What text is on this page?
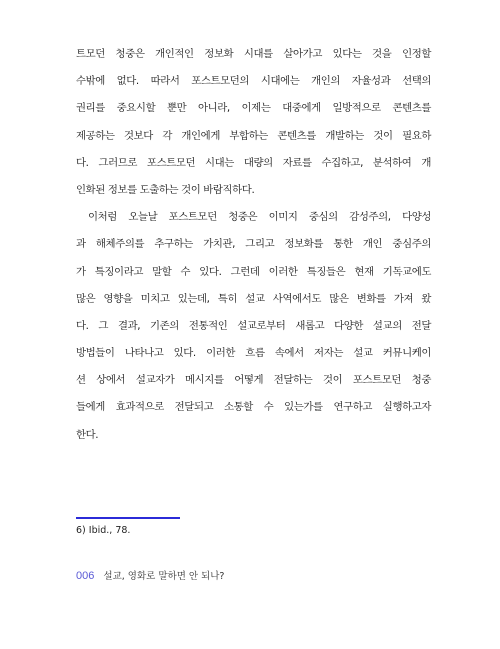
트모던 청중은 개인적인 정보화 시대를 살아가고 있다는 것을 인정할
수밖에 없다. 따라서 포스트모던의 시대에는 개인의 자율성과 선택의
권리를 중요시할 뿐만 아니라, 이제는 대중에게 일방적으로 콘텐츠를
제공하는 것보다 각 개인에게 부합하는 콘텐츠를 개발하는 것이 필요하
다. 그러므로 포스트모던 시대는 대량의 자료를 수집하고, 분석하여 개
인화된 정보를 도출하는 것이 바람직하다.
이처럼 오늘날 포스트모던 청중은 이미지 중심의 감성주의, 다양성
과 해체주의를 추구하는 가치관, 그리고 정보화를 통한 개인 중심주의
가 특징이라고 말할 수 있다. 그런데 이러한 특징들은 현재 기독교에도
많은 영향을 미치고 있는데, 특히 설교 사역에서도 많은 변화를 가져 왔
다. 그 결과, 기존의 전통적인 설교로부터 새롭고 다양한 설교의 전달
방법들이 나타나고 있다. 이러한 흐름 속에서 저자는 설교 커뮤니케이
션 상에서 설교자가 메시지를 어떻게 전달하는 것이 포스트모던 청중
들에게 효과적으로 전달되고 소통할 수 있는가를 연구하고 실행하고자
한다.
6) Ibid., 78.
006 설교, 영화로 말하면 안 되나?
